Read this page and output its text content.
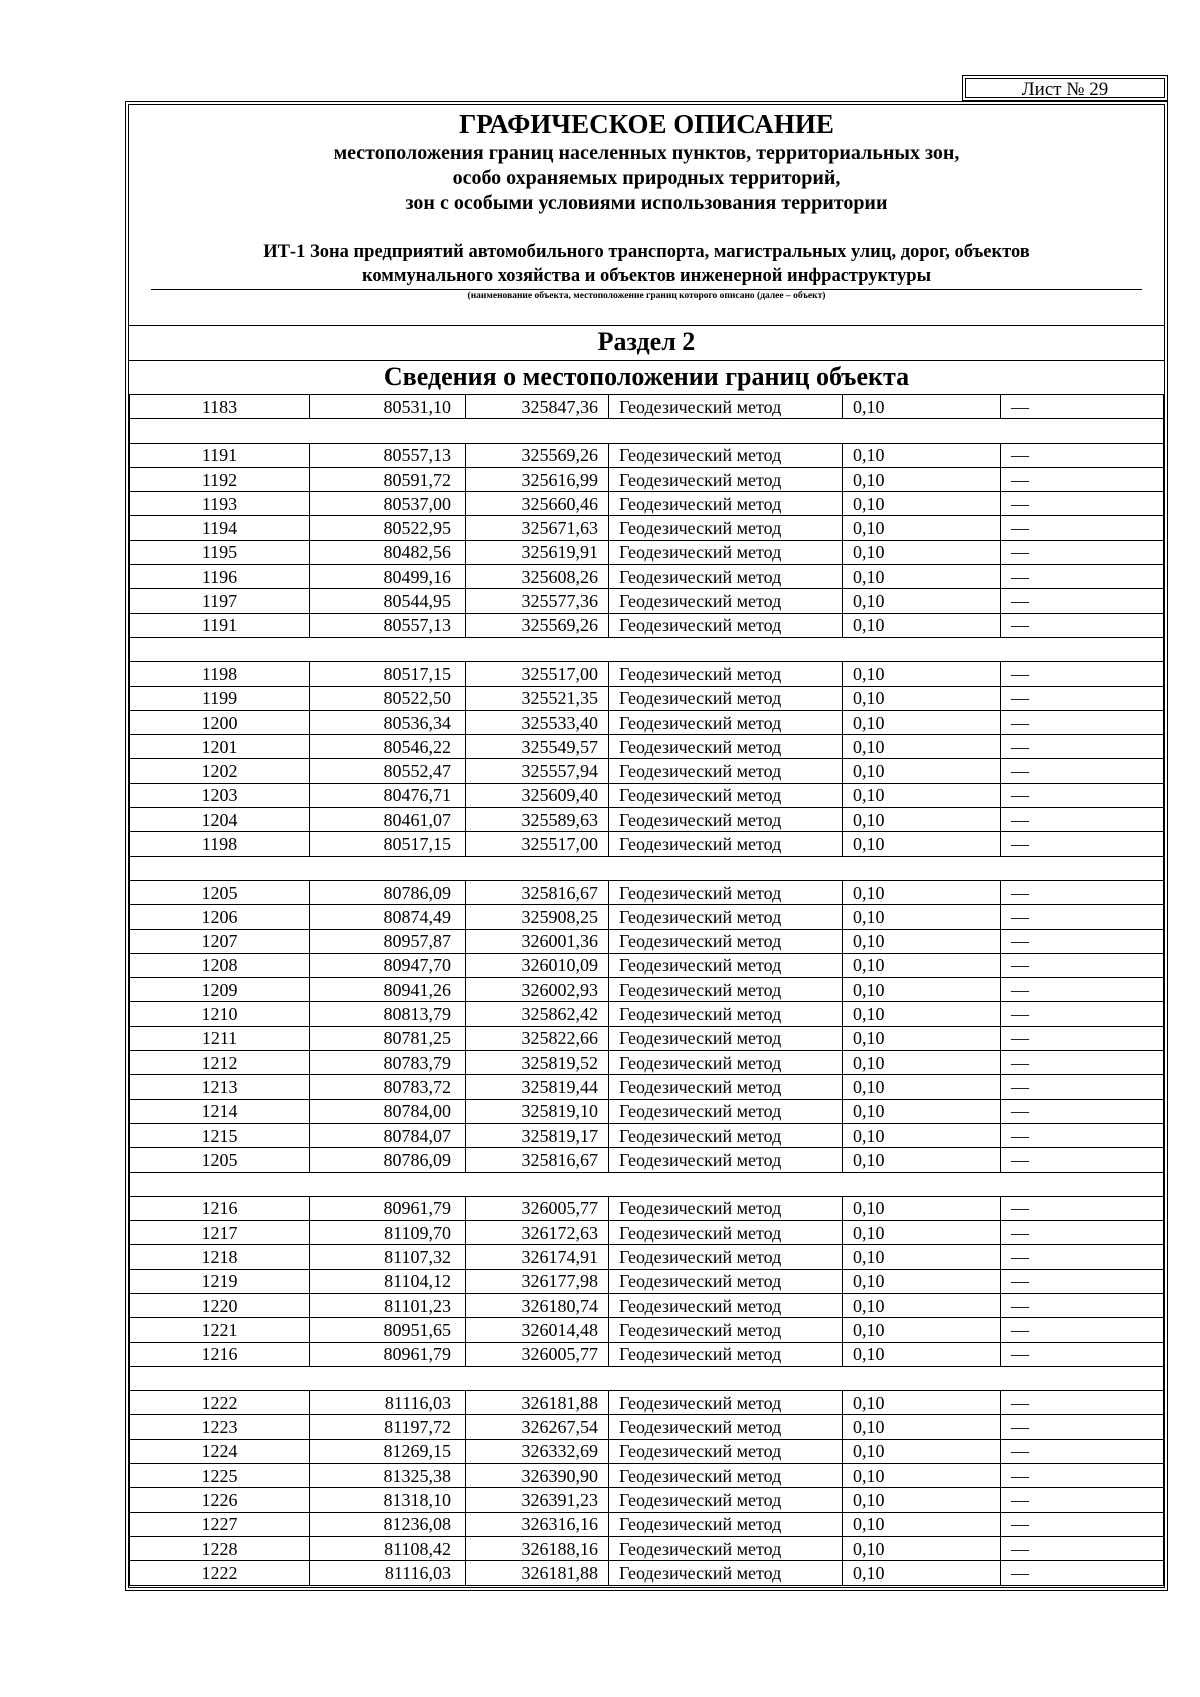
Лист № 29
ГРАФИЧЕСКОЕ ОПИСАНИЕ
местоположения границ населенных пунктов, территориальных зон,
особо охраняемых природных территорий,
зон с особыми условиями использования территории
ИТ-1 Зона предприятий автомобильного транспорта, магистральных улиц, дорог, объектов
коммунального хозяйства и объектов инженерной инфраструктуры
(наименование объекта, местоположение границ которого описано (далее – объект)
Раздел 2
Сведения о местоположении границ объекта
1183	80531,10	325847,36	Геодезический метод	0,10	—

1191	80557,13	325569,26	Геодезический метод	0,10	—
1192	80591,72	325616,99	Геодезический метод	0,10	—
1193	80537,00	325660,46	Геодезический метод	0,10	—
1194	80522,95	325671,63	Геодезический метод	0,10	—
1195	80482,56	325619,91	Геодезический метод	0,10	—
1196	80499,16	325608,26	Геодезический метод	0,10	—
1197	80544,95	325577,36	Геодезический метод	0,10	—
1191	80557,13	325569,26	Геодезический метод	0,10	—

1198	80517,15	325517,00	Геодезический метод	0,10	—
1199	80522,50	325521,35	Геодезический метод	0,10	—
1200	80536,34	325533,40	Геодезический метод	0,10	—
1201	80546,22	325549,57	Геодезический метод	0,10	—
1202	80552,47	325557,94	Геодезический метод	0,10	—
1203	80476,71	325609,40	Геодезический метод	0,10	—
1204	80461,07	325589,63	Геодезический метод	0,10	—
1198	80517,15	325517,00	Геодезический метод	0,10	—

1205	80786,09	325816,67	Геодезический метод	0,10	—
1206	80874,49	325908,25	Геодезический метод	0,10	—
1207	80957,87	326001,36	Геодезический метод	0,10	—
1208	80947,70	326010,09	Геодезический метод	0,10	—
1209	80941,26	326002,93	Геодезический метод	0,10	—
1210	80813,79	325862,42	Геодезический метод	0,10	—
1211	80781,25	325822,66	Геодезический метод	0,10	—
1212	80783,79	325819,52	Геодезический метод	0,10	—
1213	80783,72	325819,44	Геодезический метод	0,10	—
1214	80784,00	325819,10	Геодезический метод	0,10	—
1215	80784,07	325819,17	Геодезический метод	0,10	—
1205	80786,09	325816,67	Геодезический метод	0,10	—

1216	80961,79	326005,77	Геодезический метод	0,10	—
1217	81109,70	326172,63	Геодезический метод	0,10	—
1218	81107,32	326174,91	Геодезический метод	0,10	—
1219	81104,12	326177,98	Геодезический метод	0,10	—
1220	81101,23	326180,74	Геодезический метод	0,10	—
1221	80951,65	326014,48	Геодезический метод	0,10	—
1216	80961,79	326005,77	Геодезический метод	0,10	—

1222	81116,03	326181,88	Геодезический метод	0,10	—
1223	81197,72	326267,54	Геодезический метод	0,10	—
1224	81269,15	326332,69	Геодезический метод	0,10	—
1225	81325,38	326390,90	Геодезический метод	0,10	—
1226	81318,10	326391,23	Геодезический метод	0,10	—
1227	81236,08	326316,16	Геодезический метод	0,10	—
1228	81108,42	326188,16	Геодезический метод	0,10	—
1222	81116,03	326181,88	Геодезический метод	0,10	—
